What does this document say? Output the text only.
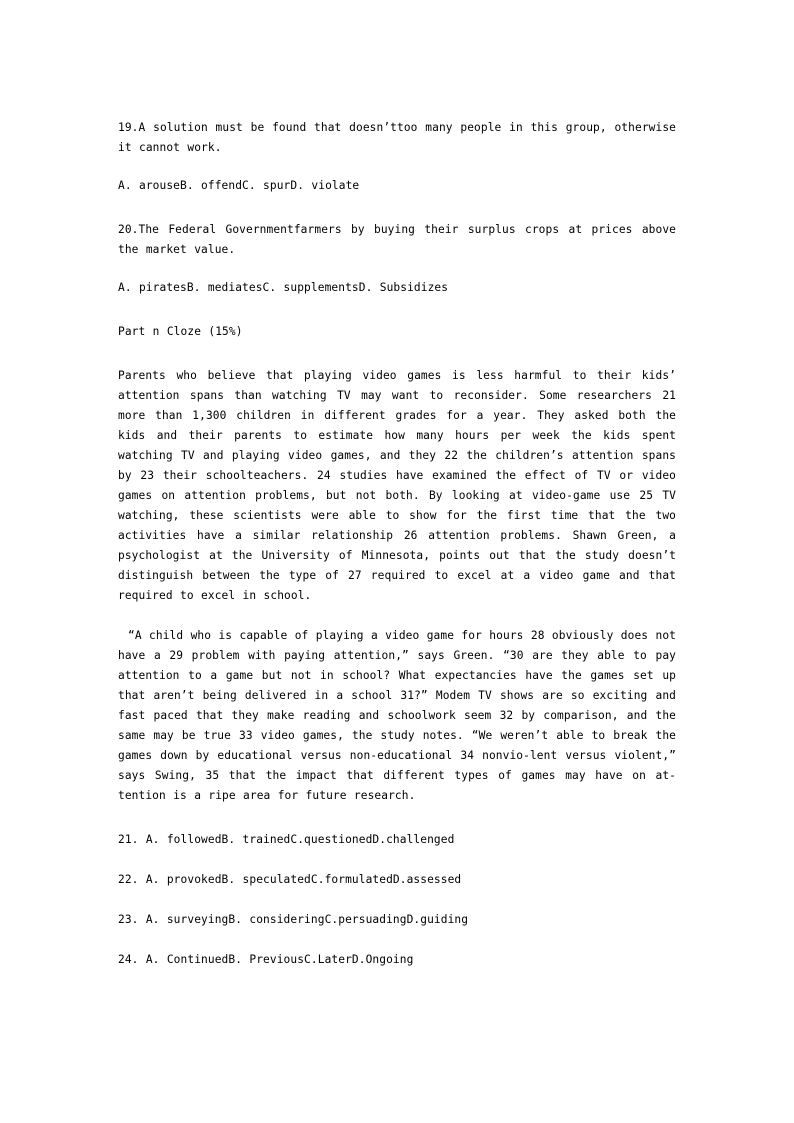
19.A solution must be found that doesn’ttoo many people in this group, otherwise it cannot work.
A. arouseB. offendC. spurD. violate
20.The Federal Governmentfarmers by buying their surplus crops at prices above the market value.
A. piratesB. mediatesC. supplementsD. Subsidizes
Part n Cloze (15%)
Parents who believe that playing video games is less harmful to their kids’ attention spans than watching TV may want to reconsider. Some researchers 21 more than 1,300 children in different grades for a year. They asked both the kids and their parents to estimate how many hours per week the kids spent watching TV and playing video games, and they 22 the children’s attention spans by 23 their schoolteachers. 24 studies have examined the effect of TV or video games on attention problems, but not both. By looking at video-game use 25 TV watching, these scientists were able to show for the first time that the two activities have a similar relationship 26 attention problems. Shawn Green, a psychologist at the University of Minnesota, points out that the study doesn’t distinguish between the type of 27 required to excel at a video game and that required to excel in school.
“A child who is capable of playing a video game for hours 28 obviously does not have a 29 problem with paying attention,” says Green. “30 are they able to pay attention to a game but not in school? What expectancies have the games set up that aren’t being delivered in a school 31?” Modem TV shows are so exciting and fast paced that they make reading and schoolwork seem 32 by comparison, and the same may be true 33 video games, the study notes. “We weren’t able to break the games down by educational versus non-educational 34 nonvio-lent versus violent,” says Swing, 35 that the impact that different types of games may have on at-tention is a ripe area for future research.
21. A. followedB. trainedC.questionedD.challenged
22. A. provokedB. speculatedC.formulatedD.assessed
23. A. surveyingB. consideringC.persuadingD.guiding
24. A. ContinuedB. PreviousC.LaterD.Ongoing
